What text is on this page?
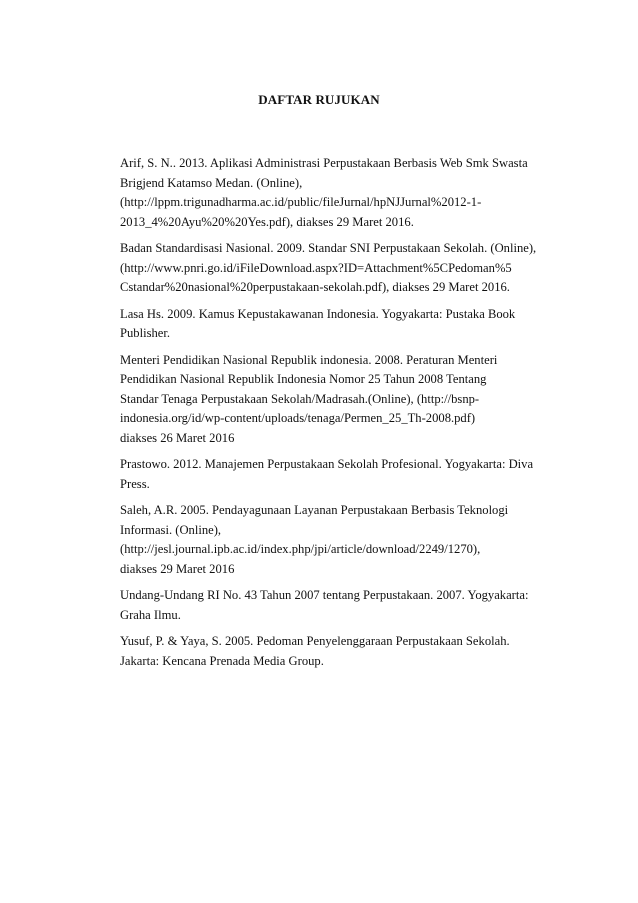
DAFTAR RUJUKAN
Arif, S. N.. 2013. Aplikasi Administrasi Perpustakaan Berbasis Web Smk Swasta
Brigjend Katamso Medan. (Online),
(http://lppm.trigunadharma.ac.id/public/fileJurnal/hpNJJurnal%2012-1-
2013_4%20Ayu%20%20Yes.pdf), diakses 29 Maret 2016.
Badan Standardisasi Nasional. 2009. Standar SNI Perpustakaan Sekolah. (Online),
(http://www.pnri.go.id/iFileDownload.aspx?ID=Attachment%5CPedoman%5
Cstandar%20nasional%20perpustakaan-sekolah.pdf), diakses 29 Maret 2016.
Lasa Hs. 2009. Kamus Kepustakawanan Indonesia. Yogyakarta: Pustaka Book
Publisher.
Menteri Pendidikan Nasional Republik indonesia. 2008. Peraturan Menteri
Pendidikan Nasional Republik Indonesia Nomor 25 Tahun 2008 Tentang
Standar Tenaga Perpustakaan Sekolah/Madrasah.(Online), (http://bsnp-
indonesia.org/id/wp-content/uploads/tenaga/Permen_25_Th-2008.pdf)
diakses 26 Maret 2016
Prastowo. 2012. Manajemen Perpustakaan Sekolah Profesional. Yogyakarta: Diva
Press.
Saleh, A.R. 2005. Pendayagunaan Layanan Perpustakaan Berbasis Teknologi
Informasi. (Online),
(http://jesl.journal.ipb.ac.id/index.php/jpi/article/download/2249/1270),
diakses 29 Maret 2016
Undang-Undang RI No. 43 Tahun 2007 tentang Perpustakaan. 2007. Yogyakarta:
Graha Ilmu.
Yusuf, P. & Yaya, S. 2005. Pedoman Penyelenggaraan Perpustakaan Sekolah.
Jakarta: Kencana Prenada Media Group.
